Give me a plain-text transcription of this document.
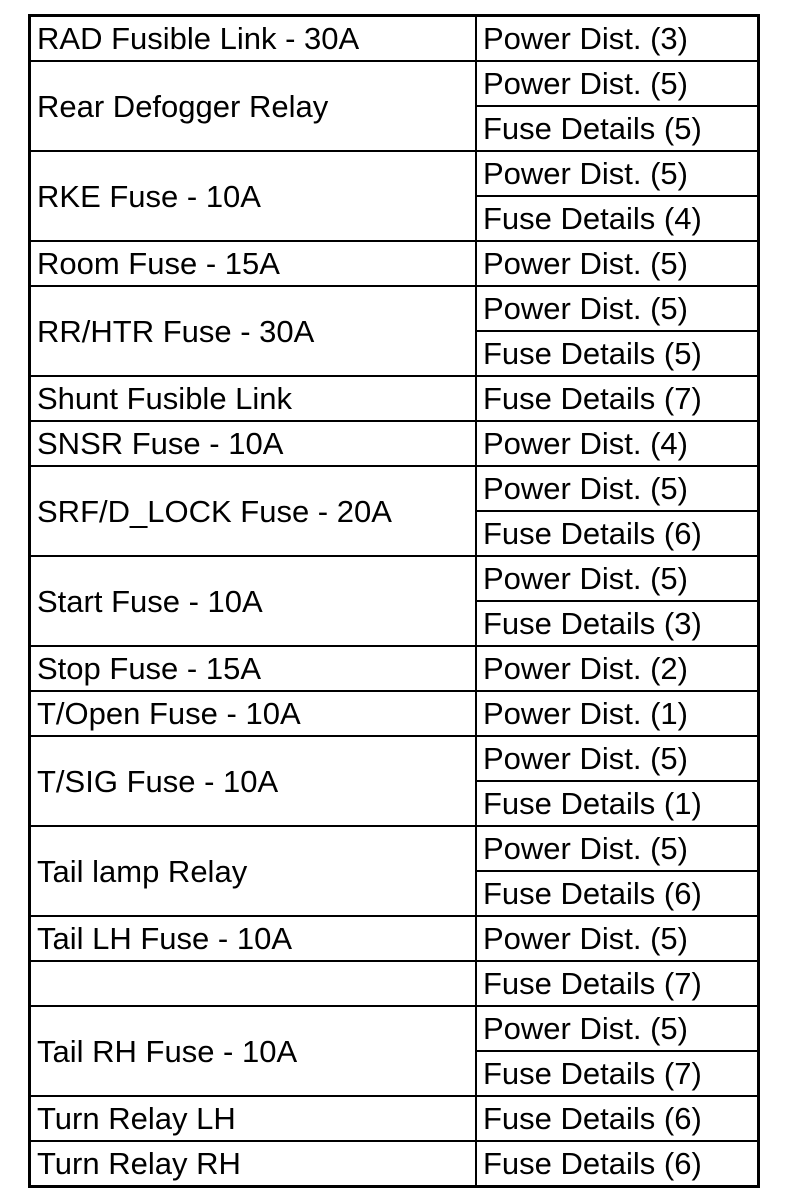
RAD Fusible Link - 30A	Power Dist. (3)
Rear Defogger Relay	Power Dist. (5)
	Fuse Details (5)
RKE Fuse - 10A	Power Dist. (5)
	Fuse Details (4)
Room Fuse - 15A	Power Dist. (5)
RR/HTR Fuse - 30A	Power Dist. (5)
	Fuse Details (5)
Shunt Fusible Link	Fuse Details (7)
SNSR Fuse - 10A	Power Dist. (4)
SRF/D_LOCK Fuse - 20A	Power Dist. (5)
	Fuse Details (6)
Start Fuse - 10A	Power Dist. (5)
	Fuse Details (3)
Stop Fuse - 15A	Power Dist. (2)
T/Open Fuse - 10A	Power Dist. (1)
T/SIG Fuse - 10A	Power Dist. (5)
	Fuse Details (1)
Tail lamp Relay	Power Dist. (5)
	Fuse Details (6)
Tail LH Fuse - 10A	Power Dist. (5)
	Fuse Details (7)
Tail RH Fuse - 10A	Power Dist. (5)
	Fuse Details (7)
Turn Relay LH	Fuse Details (6)
Turn Relay RH	Fuse Details (6)
